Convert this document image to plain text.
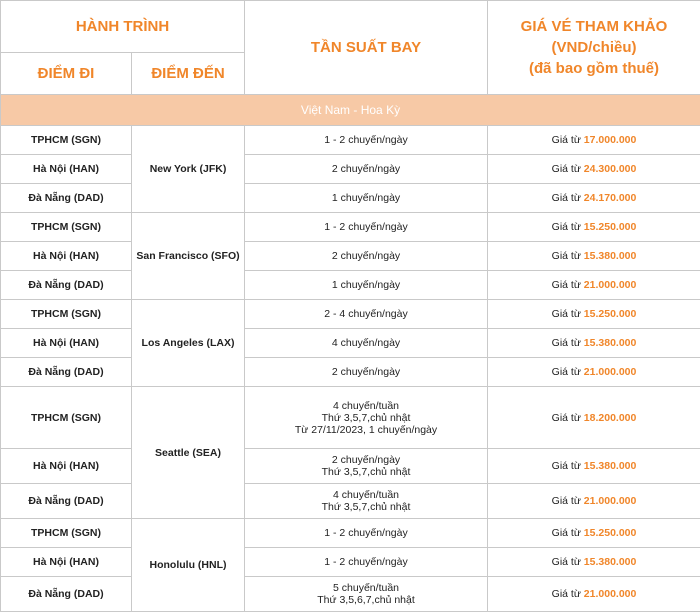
HÀNH TRÌNH		TẦN SUẤT BAY	GIÁ VÉ THAM KHẢO
(VND/chiều)
(đã bao gồm thuế)

ĐIỂM ĐI	ĐIỂM ĐẾN		
Việt Nam - Hoa Kỳ			
TPHCM (SGN)	New York (JFK)	1 - 2 chuyến/ngày	Giá từ 17.000.000
Hà Nội (HAN)		2 chuyến/ngày	Giá từ 24.300.000
Đà Nẵng (DAD)		1 chuyến/ngày	Giá từ 24.170.000
TPHCM (SGN)	San Francisco (SFO)	1 - 2 chuyến/ngày	Giá từ 15.250.000
Hà Nội (HAN)		2 chuyến/ngày	Giá từ 15.380.000
Đà Nẵng (DAD)		1 chuyến/ngày	Giá từ 21.000.000
TPHCM (SGN)	Los Angeles (LAX)	2 - 4 chuyến/ngày	Giá từ 15.250.000
Hà Nội (HAN)		4 chuyến/ngày	Giá từ 15.380.000
Đà Nẵng (DAD)		2 chuyến/ngày	Giá từ 21.000.000
TPHCM (SGN)	Seattle (SEA)	4 chuyến/tuần
Thứ 3,5,7,chủ nhật
Từ 27/11/2023, 1 chuyến/ngày	Giá từ 18.200.000
Hà Nội (HAN)		2 chuyến/ngày
Thứ 3,5,7,chủ nhật	Giá từ 15.380.000
Đà Nẵng (DAD)		4 chuyến/tuần
Thứ 3,5,7,chủ nhật	Giá từ 21.000.000
TPHCM (SGN)	Honolulu (HNL)	1 - 2 chuyến/ngày	Giá từ 15.250.000
Hà Nội (HAN)		1 - 2 chuyến/ngày	Giá từ 15.380.000
Đà Nẵng (DAD)		5 chuyến/tuần
Thứ 3,5,6,7,chủ nhật	Giá từ 21.000.000
